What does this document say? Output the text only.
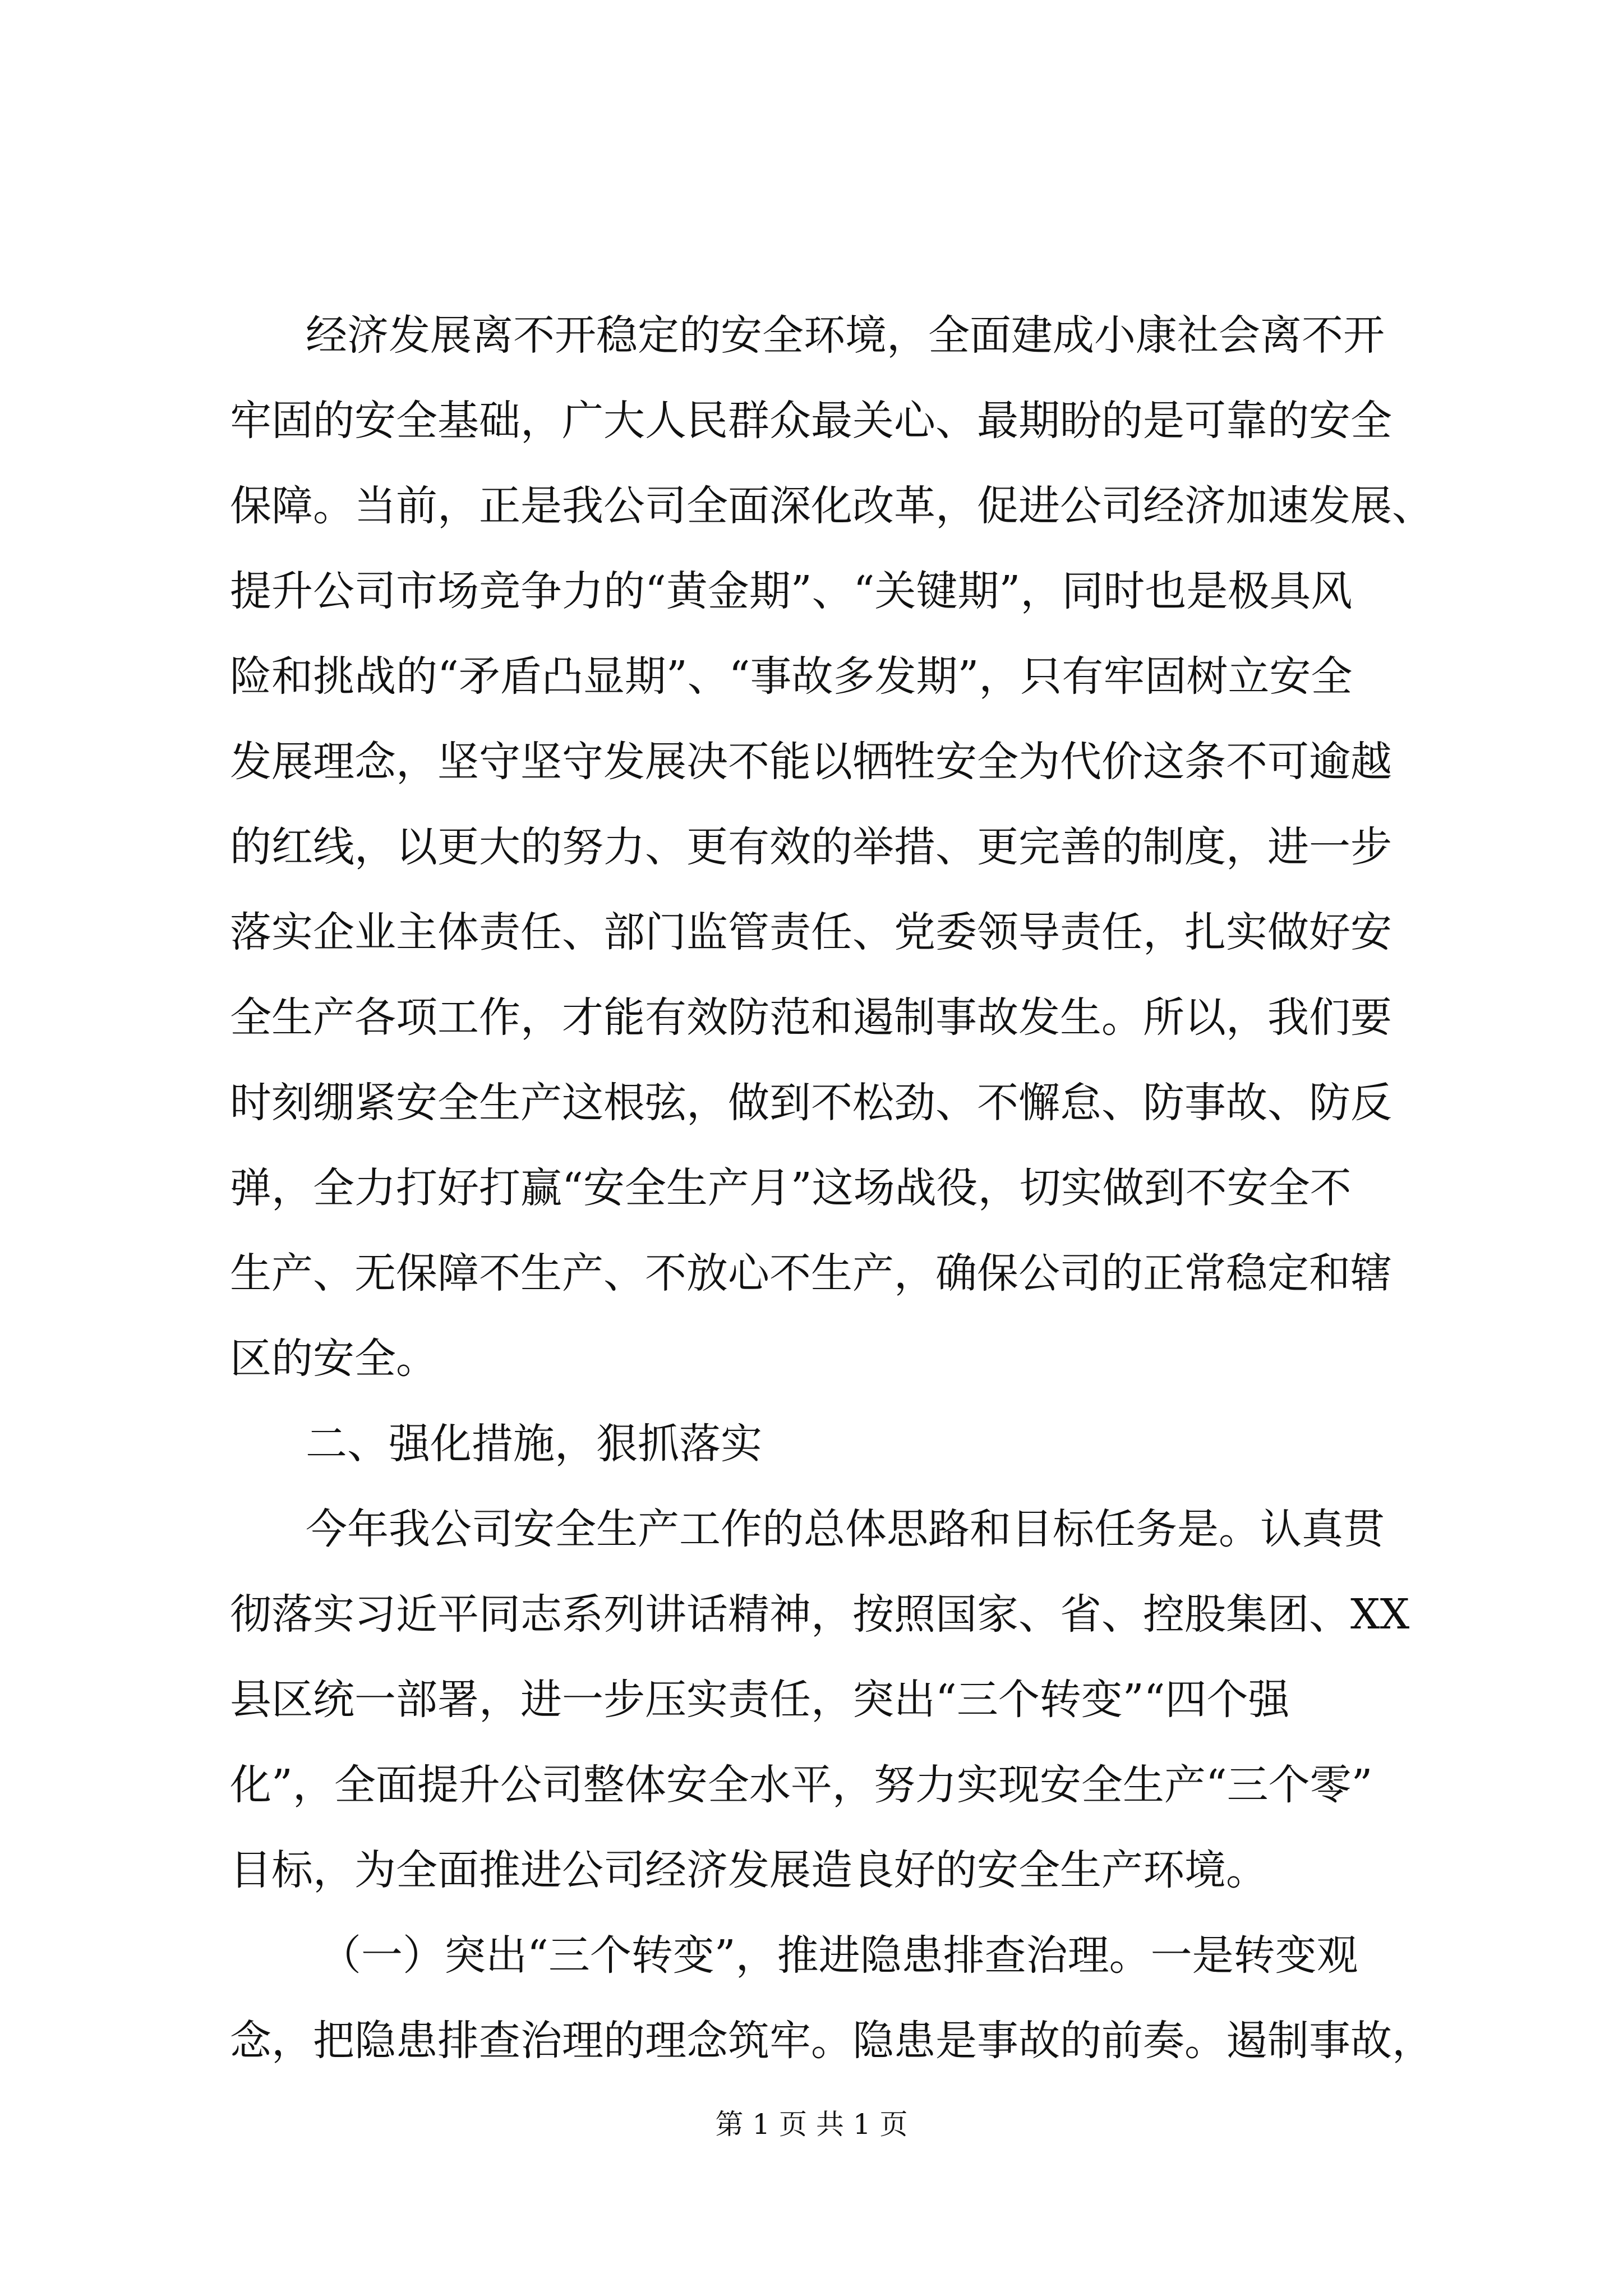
经济发展离不开稳定的安全环境，全面建成小康社会离不开
牢固的安全基础，广大人民群众最关心、最期盼的是可靠的安全
保障。当前，正是我公司全面深化改革，促进公司经济加速发展、
提升公司市场竞争力的“黄金期”、“关键期”，同时也是极具风
险和挑战的“矛盾凸显期”、“事故多发期”，只有牢固树立安全
发展理念，坚守坚守发展决不能以牺牲安全为代价这条不可逾越
的红线，以更大的努力、更有效的举措、更完善的制度，进一步
落实企业主体责任、部门监管责任、党委领导责任，扎实做好安
全生产各项工作，才能有效防范和遏制事故发生。所以，我们要
时刻绷紧安全生产这根弦，做到不松劲、不懈怠、防事故、防反
弹，全力打好打赢“安全生产月”这场战役，切实做到不安全不
生产、无保障不生产、不放心不生产，确保公司的正常稳定和辖
区的安全。
二、强化措施，狠抓落实
今年我公司安全生产工作的总体思路和目标任务是。认真贯
彻落实习近平同志系列讲话精神，按照国家、省、控股集团、XX
县区统一部署，进一步压实责任，突出“三个转变”“四个强
化”，全面提升公司整体安全水平，努力实现安全生产“三个零”
目标，为全面推进公司经济发展造良好的安全生产环境。
（一）突出“三个转变”，推进隐患排查治理。一是转变观
念，把隐患排查治理的理念筑牢。隐患是事故的前奏。遏制事故，
第 1 页 共 1 页
